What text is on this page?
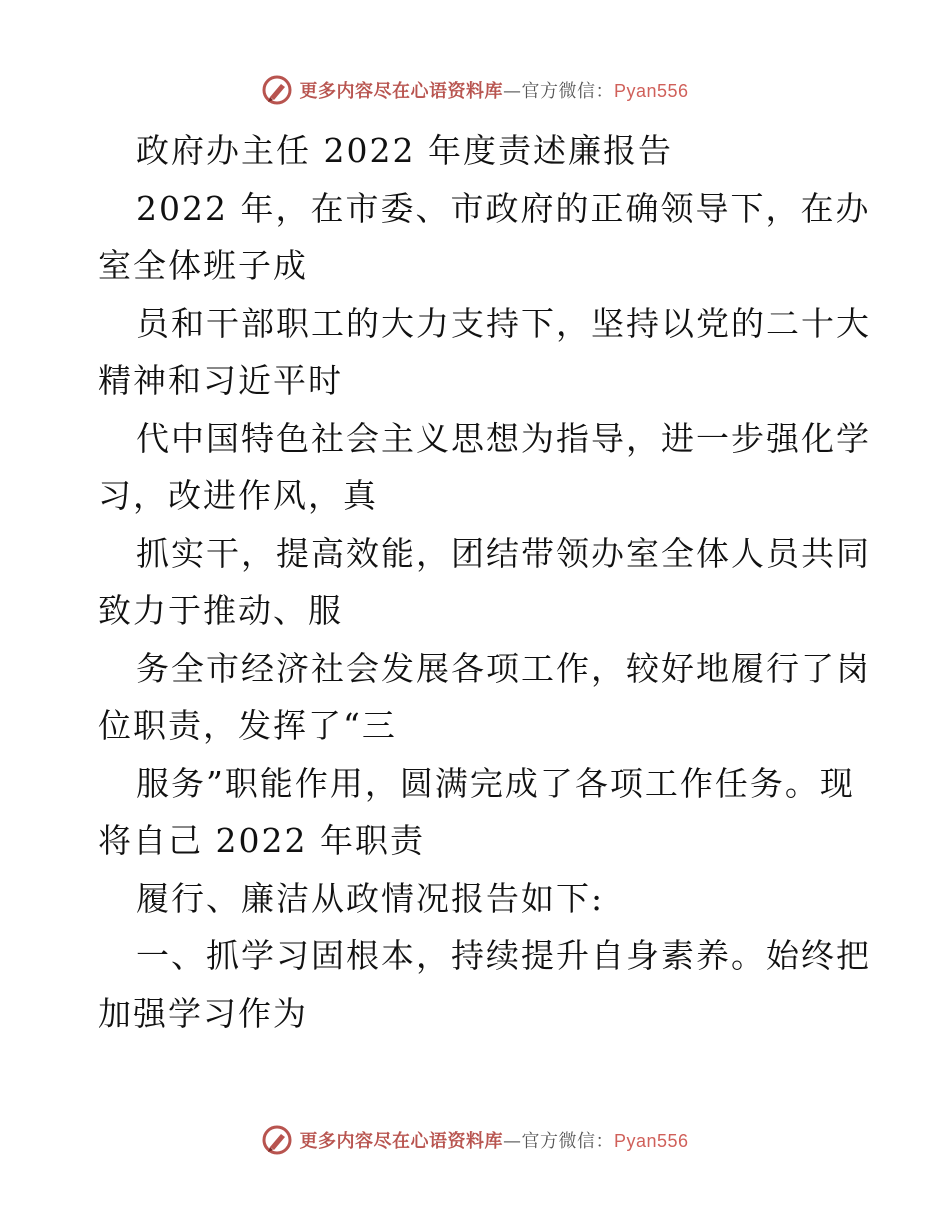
更多内容尽在心语资料库—官方微信：Pyan556
政府办主任 2022 年度责述廉报告
2022 年，在市委、市政府的正确领导下，在办
室全体班子成
员和干部职工的大力支持下，坚持以党的二十大
精神和习近平时
代中国特色社会主义思想为指导，进一步强化学
习，改进作风，真
抓实干，提高效能，团结带领办室全体人员共同
致力于推动、服
务全市经济社会发展各项工作，较好地履行了岗
位职责，发挥了“三
服务”职能作用，圆满完成了各项工作任务。现
将自己 2022 年职责
履行、廉洁从政情况报告如下:
一、抓学习固根本，持续提升自身素养。始终把
加强学习作为
更多内容尽在心语资料库—官方微信：Pyan556
